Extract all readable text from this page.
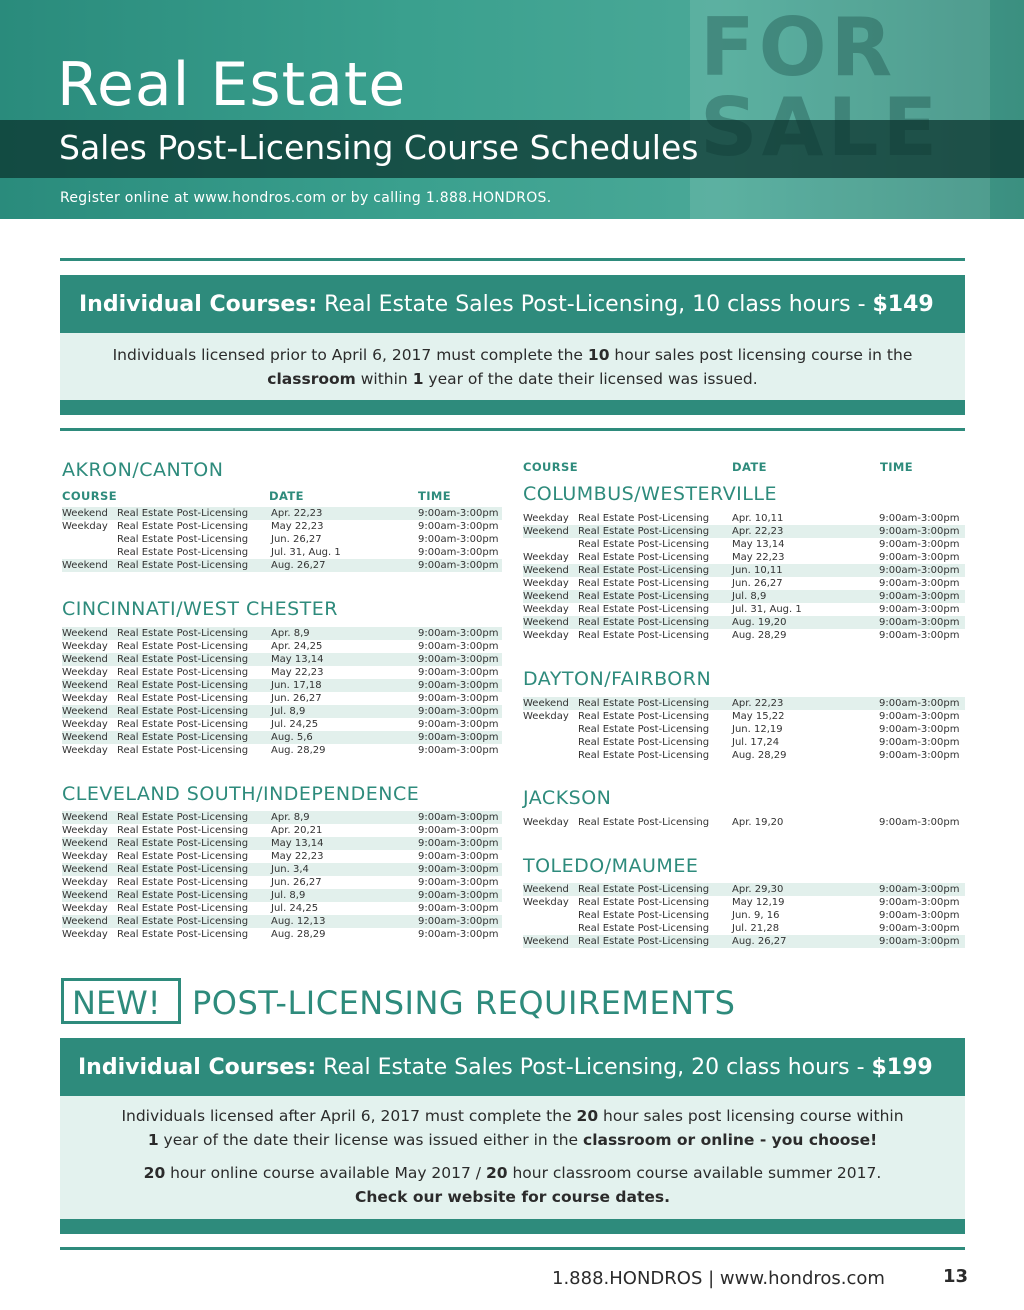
FOR

Real Estate
Sales Post-Licensing Course Schedules
Register online at www.hondros.com or by calling 1.888.HONDROS.
Individual Courses: Real Estate Sales Post-Licensing, 10 class hours - $149
Individuals licensed prior to April 6, 2017 must complete the 10 hour sales post licensing course in the
classroom within 1 year of the date their licensed was issued.
AKRON/CANTON
COURSE	DATE	TIME
Weekend Real Estate Post-Licensing Apr. 22,23	9:00am-3:00pm
Weekday Real Estate Post-Licensing May 22,23	9:00am-3:00pm
Real Estate Post-Licensing Jun. 26,27	9:00am-3:00pm
Real Estate Post-Licensing Jul. 31, Aug. 1	9:00am-3:00pm
Weekend Real Estate Post-Licensing Aug. 26,27	9:00am-3:00pm
CINCINNATI/WEST CHESTER
Weekend Real Estate Post-Licensing Apr. 8,9	9:00am-3:00pm
Weekday Real Estate Post-Licensing Apr. 24,25	9:00am-3:00pm
Weekend Real Estate Post-Licensing May 13,14	9:00am-3:00pm
Weekday Real Estate Post-Licensing May 22,23	9:00am-3:00pm
Weekend Real Estate Post-Licensing Jun. 17,18	9:00am-3:00pm
Weekday Real Estate Post-Licensing Jun. 26,27	9:00am-3:00pm
Weekend Real Estate Post-Licensing Jul. 8,9	9:00am-3:00pm
Weekday Real Estate Post-Licensing Jul. 24,25	9:00am-3:00pm
Weekend Real Estate Post-Licensing Aug. 5,6	9:00am-3:00pm
Weekday Real Estate Post-Licensing Aug. 28,29	9:00am-3:00pm
CLEVELAND SOUTH/INDEPENDENCE
Weekend Real Estate Post-Licensing Apr. 8,9	9:00am-3:00pm
Weekday Real Estate Post-Licensing Apr. 20,21	9:00am-3:00pm
Weekend Real Estate Post-Licensing May 13,14	9:00am-3:00pm
Weekday Real Estate Post-Licensing May 22,23	9:00am-3:00pm
Weekend Real Estate Post-Licensing Jun. 3,4	9:00am-3:00pm
Weekday Real Estate Post-Licensing Jun. 26,27	9:00am-3:00pm
Weekend Real Estate Post-Licensing Jul. 8,9	9:00am-3:00pm
Weekday Real Estate Post-Licensing Jul. 24,25	9:00am-3:00pm
Weekend Real Estate Post-Licensing Aug. 12,13	9:00am-3:00pm
Weekday Real Estate Post-Licensing Aug. 28,29	9:00am-3:00pm
COURSE	DATE	TIME
COLUMBUS/WESTERVILLE
Weekday Real Estate Post-Licensing Apr. 10,11	9:00am-3:00pm
Weekend Real Estate Post-Licensing Apr. 22,23	9:00am-3:00pm
Real Estate Post-Licensing May 13,14	9:00am-3:00pm
Weekday Real Estate Post-Licensing May 22,23	9:00am-3:00pm
Weekend Real Estate Post-Licensing Jun. 10,11	9:00am-3:00pm
Weekday Real Estate Post-Licensing Jun. 26,27	9:00am-3:00pm
Weekend Real Estate Post-Licensing Jul. 8,9	9:00am-3:00pm
Weekday Real Estate Post-Licensing Jul. 31, Aug. 1	9:00am-3:00pm
Weekend Real Estate Post-Licensing Aug. 19,20	9:00am-3:00pm
Weekday Real Estate Post-Licensing Aug. 28,29	9:00am-3:00pm
DAYTON/FAIRBORN
Weekend Real Estate Post-Licensing Apr. 22,23	9:00am-3:00pm
Weekday Real Estate Post-Licensing May 15,22	9:00am-3:00pm
Real Estate Post-Licensing Jun. 12,19	9:00am-3:00pm
Real Estate Post-Licensing Jul. 17,24	9:00am-3:00pm
Real Estate Post-Licensing Aug. 28,29	9:00am-3:00pm
JACKSON
Weekday Real Estate Post-Licensing Apr. 19,20	9:00am-3:00pm
TOLEDO/MAUMEE
Weekend Real Estate Post-Licensing Apr. 29,30	9:00am-3:00pm
Weekday Real Estate Post-Licensing May 12,19	9:00am-3:00pm
Real Estate Post-Licensing Jun. 9, 16	9:00am-3:00pm
Real Estate Post-Licensing Jul. 21,28	9:00am-3:00pm
Weekend Real Estate Post-Licensing Aug. 26,27	9:00am-3:00pm
NEW! POST-LICENSING REQUIREMENTS
Individual Courses: Real Estate Sales Post-Licensing, 20 class hours - $199
Individuals licensed after April 6, 2017 must complete the 20 hour sales post licensing course within
1 year of the date their license was issued either in the classroom or online - you choose!
20 hour online course available May 2017 / 20 hour classroom course available summer 2017.
Check our website for course dates.
1.888.HONDROS | www.hondros.com	13
